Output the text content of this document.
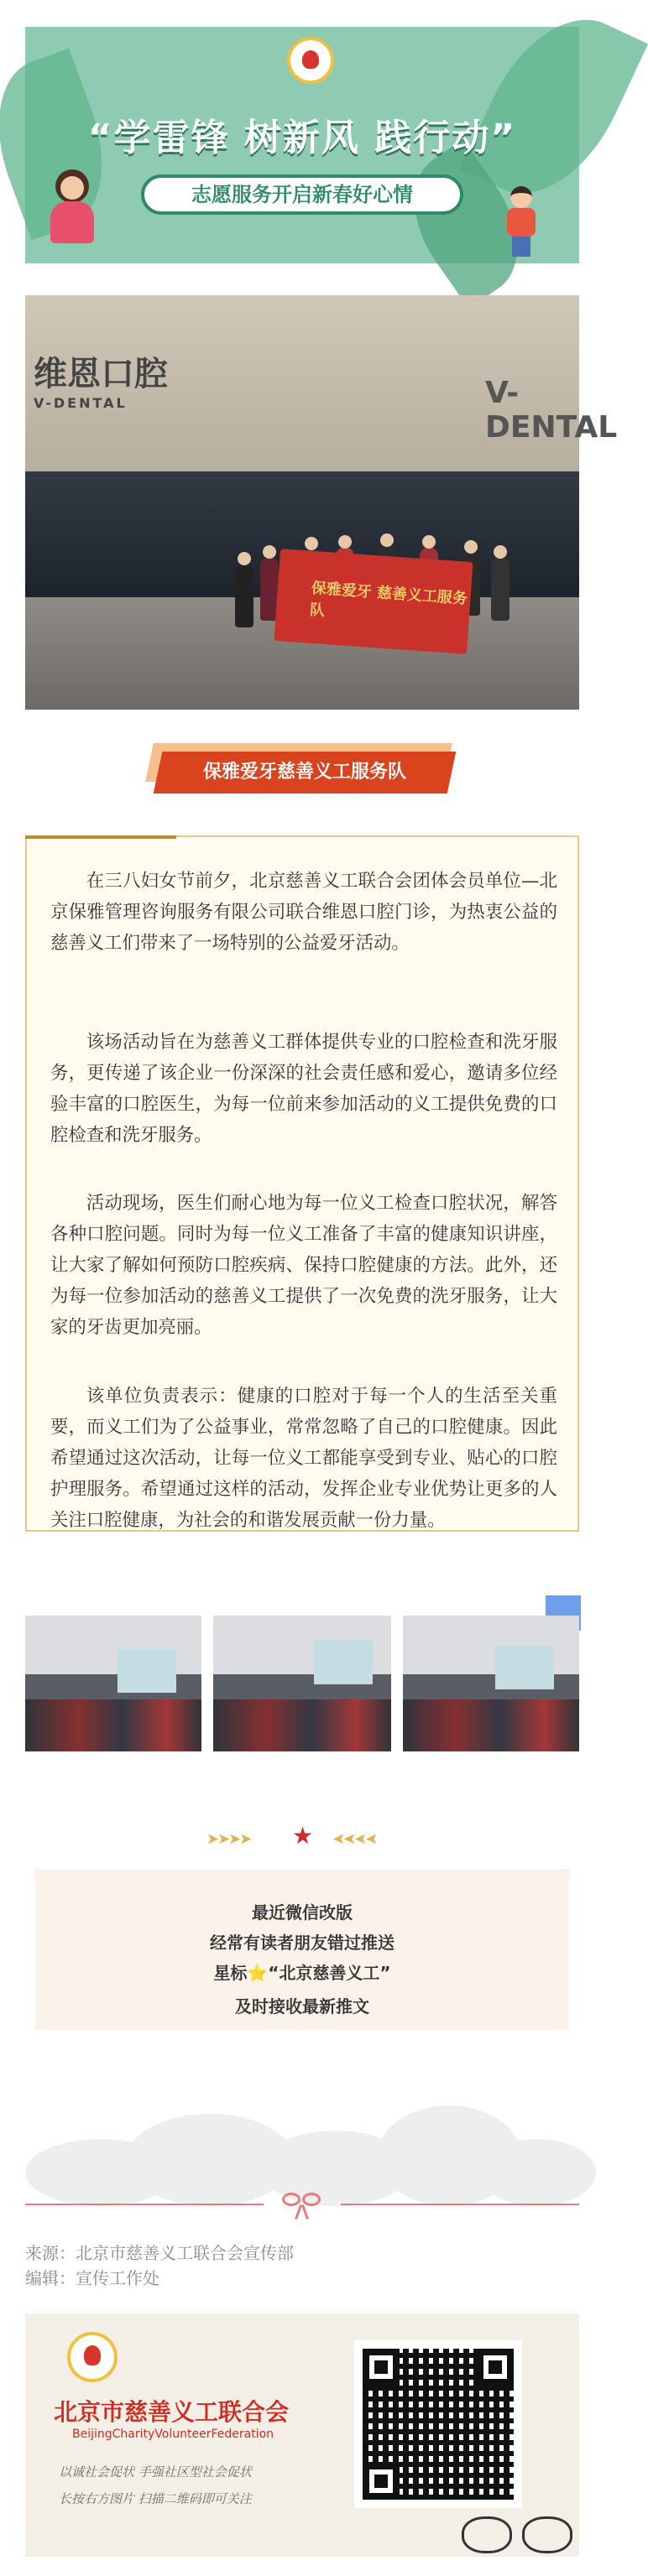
“学雷锋 树新风 践行动”
志愿服务开启新春好心情
维恩口腔
V-DENTAL	V-DENTAL
保雅爱牙 慈善义工服务队
保雅爱牙慈善义工服务队

在三八妇女节前夕，北京慈善义工联合会团体会员单位—北京保雅管理咨询服务有限公司联合维恩口腔门诊，为热衷公益的慈善义工们带来了一场特别的公益爱牙活动。

该场活动旨在为慈善义工群体提供专业的口腔检查和洗牙服务，更传递了该企业一份深深的社会责任感和爱心，邀请多位经验丰富的口腔医生，为每一位前来参加活动的义工提供免费的口腔检查和洗牙服务。

活动现场，医生们耐心地为每一位义工检查口腔状况，解答各种口腔问题。同时为每一位义工准备了丰富的健康知识讲座，让大家了解如何预防口腔疾病、保持口腔健康的方法。此外，还为每一位参加活动的慈善义工提供了一次免费的洗牙服务，让大家的牙齿更加亮丽。

该单位负责表示：健康的口腔对于每一个人的生活至关重要，而义工们为了公益事业，常常忽略了自己的口腔健康。因此希望通过这次活动，让每一位义工都能享受到专业、贴心的口腔护理服务。希望通过这样的活动，发挥企业专业优势让更多的人关注口腔健康，为社会的和谐发展贡献一份力量。

➤➤➤➤ ★ ➤➤➤➤
最近微信改版
经常有读者朋友错过推送
星标⭐“北京慈善义工”
及时接收最新推文
来源：北京市慈善义工联合会宣传部
编辑：宣传工作处
北京市慈善义工联合会
BeijingCharityVolunteerFederation
以诚社会促状 手强社区型社会促状
长按右方图片 扫描二维码即可关注
